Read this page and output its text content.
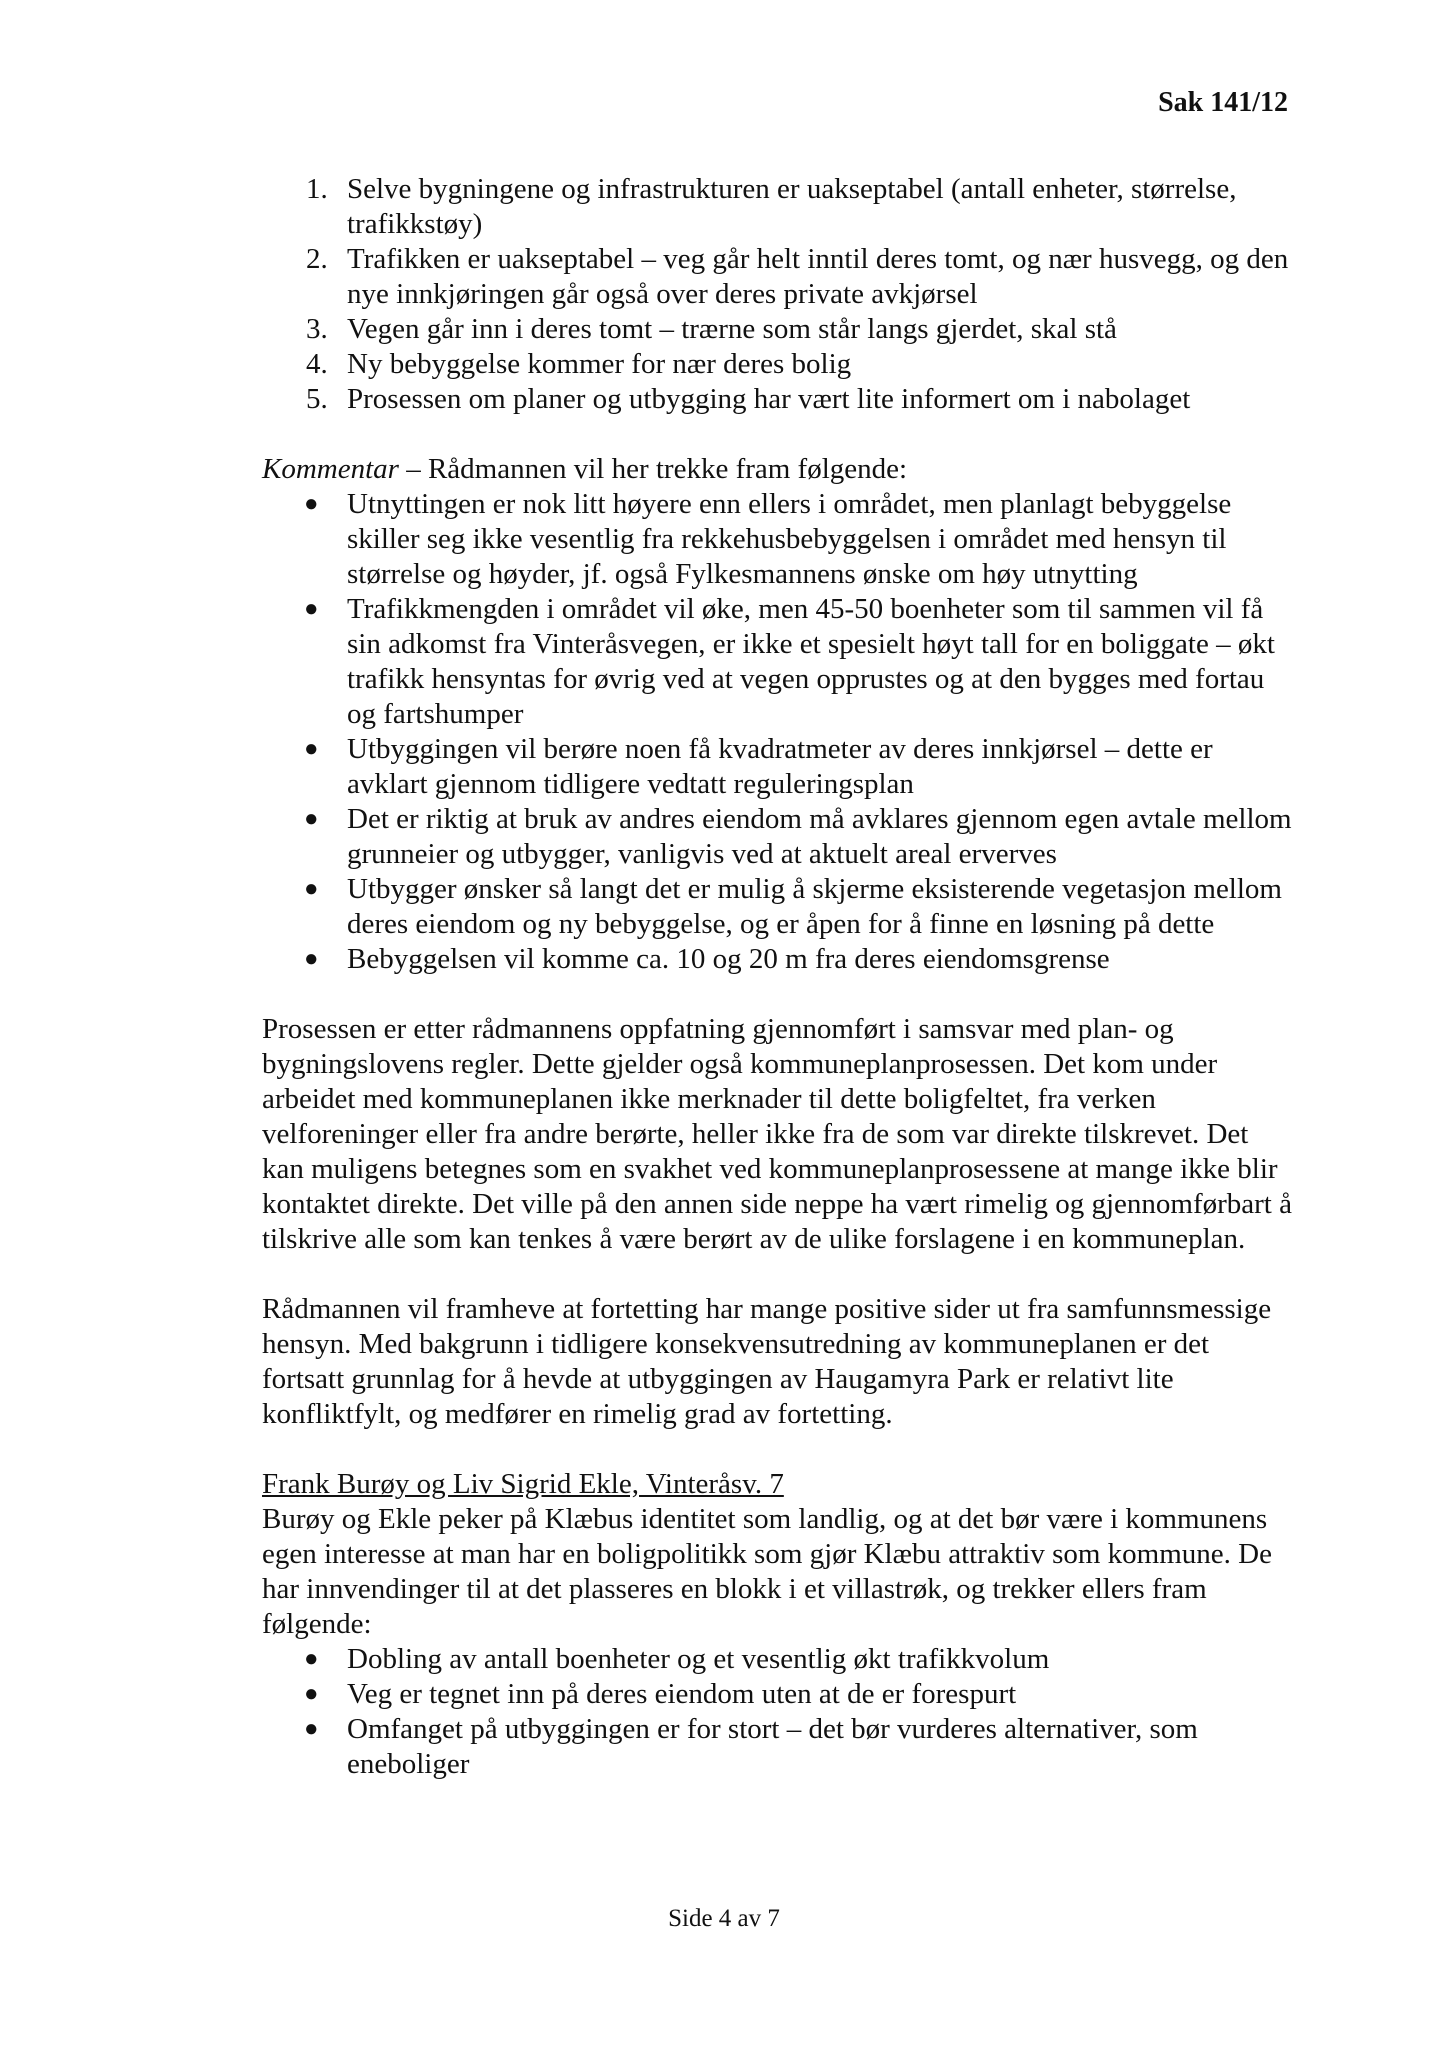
Sak 141/12
1. Selve bygningene og infrastrukturen er uakseptabel (antall enheter, størrelse, trafikkstøy)
2. Trafikken er uakseptabel – veg går helt inntil deres tomt, og nær husvegg, og den nye innkjøringen går også over deres private avkjørsel
3. Vegen går inn i deres tomt – trærne som står langs gjerdet, skal stå
4. Ny bebyggelse kommer for nær deres bolig
5. Prosessen om planer og utbygging har vært lite informert om i nabolaget

Kommentar – Rådmannen vil her trekke fram følgende:

● Utnyttingen er nok litt høyere enn ellers i området, men planlagt bebyggelse skiller seg ikke vesentlig fra rekkehusbebyggelsen i området med hensyn til størrelse og høyder, jf. også Fylkesmannens ønske om høy utnytting
● Trafikkmengden i området vil øke, men 45-50 boenheter som til sammen vil få sin adkomst fra Vinteråsvegen, er ikke et spesielt høyt tall for en boliggate – økt trafikk hensyntas for øvrig ved at vegen opprustes og at den bygges med fortau og fartshumper
● Utbyggingen vil berøre noen få kvadratmeter av deres innkjørsel – dette er avklart gjennom tidligere vedtatt reguleringsplan
● Det er riktig at bruk av andres eiendom må avklares gjennom egen avtale mellom grunneier og utbygger, vanligvis ved at aktuelt areal erverves
● Utbygger ønsker så langt det er mulig å skjerme eksisterende vegetasjon mellom deres eiendom og ny bebyggelse, og er åpen for å finne en løsning på dette
● Bebyggelsen vil komme ca. 10 og 20 m fra deres eiendomsgrense

Prosessen er etter rådmannens oppfatning gjennomført i samsvar med plan- og bygningslovens regler. Dette gjelder også kommuneplanprosessen. Det kom under arbeidet med kommuneplanen ikke merknader til dette boligfeltet, fra verken velforeninger eller fra andre berørte, heller ikke fra de som var direkte tilskrevet. Det kan muligens betegnes som en svakhet ved kommuneplanprosessene at mange ikke blir kontaktet direkte. Det ville på den annen side neppe ha vært rimelig og gjennomførbart å tilskrive alle som kan tenkes å være berørt av de ulike forslagene i en kommuneplan.

Rådmannen vil framheve at fortetting har mange positive sider ut fra samfunnsmessige hensyn. Med bakgrunn i tidligere konsekvensutredning av kommuneplanen er det fortsatt grunnlag for å hevde at utbyggingen av Haugamyra Park er relativt lite konfliktfylt, og medfører en rimelig grad av fortetting.

Frank Burøy og Liv Sigrid Ekle, Vinteråsv. 7

Burøy og Ekle peker på Klæbus identitet som landlig, og at det bør være i kommunens egen interesse at man har en boligpolitikk som gjør Klæbu attraktiv som kommune. De har innvendinger til at det plasseres en blokk i et villastrøk, og trekker ellers fram følgende:

● Dobling av antall boenheter og et vesentlig økt trafikkvolum
● Veg er tegnet inn på deres eiendom uten at de er forespurt
● Omfanget på utbyggingen er for stort – det bør vurderes alternativer, som eneboliger
Side 4 av 7
